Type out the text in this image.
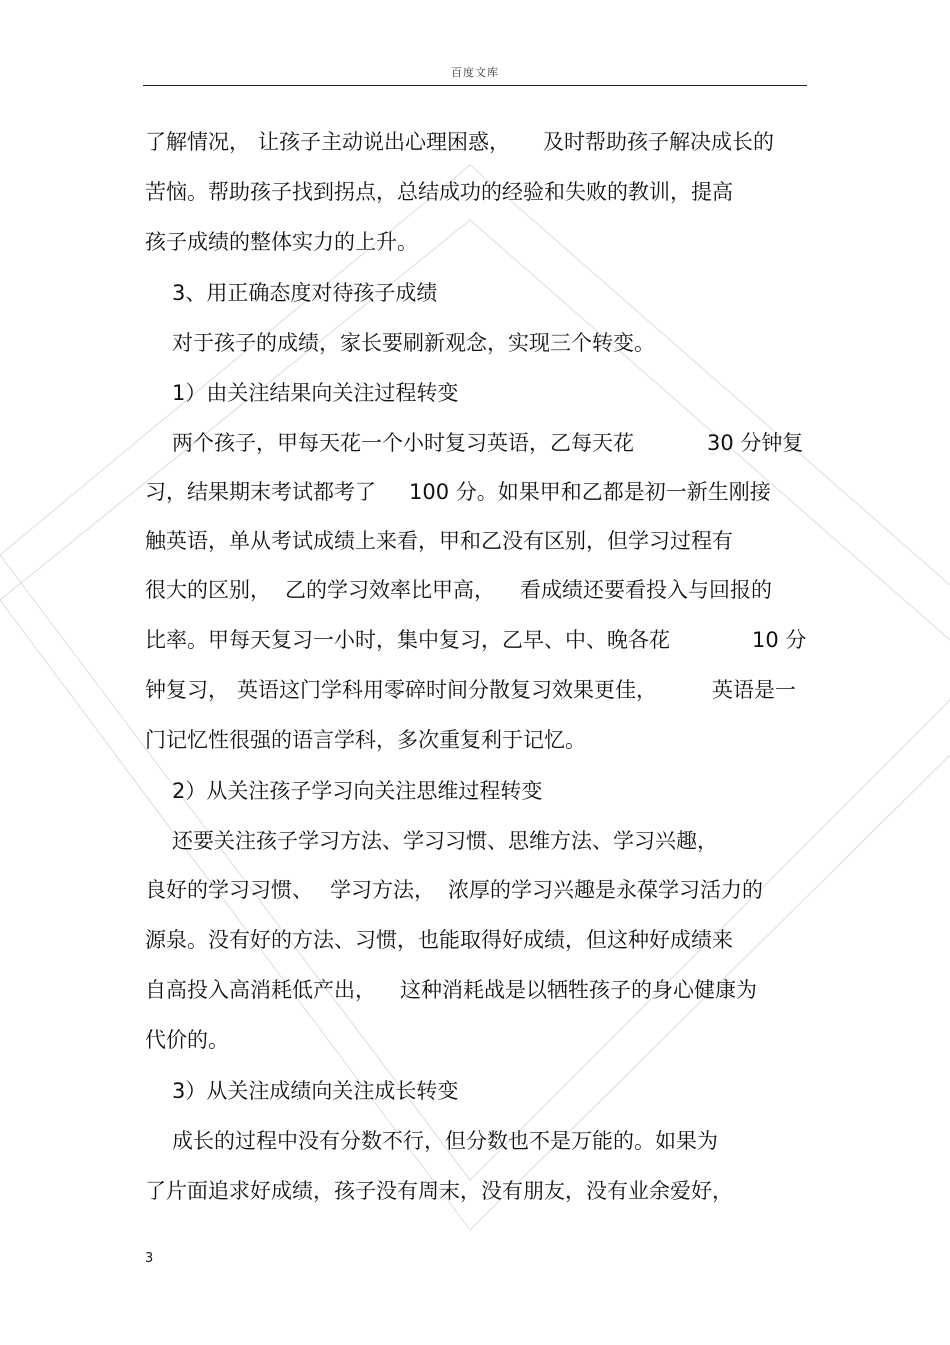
百度文库
了解情况， 让孩子主动说出心理困惑， 及时帮助孩子解决成长的
苦恼。帮助孩子找到拐点，总结成功的经验和失败的教训，提高
孩子成绩的整体实力的上升。
3、用正确态度对待孩子成绩
对于孩子的成绩，家长要刷新观念，实现三个转变。
1）由关注结果向关注过程转变
两个孩子，甲每天花一个小时复习英语，乙每天花	30 分钟复
习，结果期末考试都考了 100 分。如果甲和乙都是初一新生刚接
触英语，单从考试成绩上来看，甲和乙没有区别，但学习过程有
很大的区别， 乙的学习效率比甲高， 看成绩还要看投入与回报的
比率。甲每天复习一小时，集中复习，乙早、中、晚各花	10 分
钟复习， 英语这门学科用零碎时间分散复习效果更佳，	英语是一
门记忆性很强的语言学科，多次重复利于记忆。
2）从关注孩子学习向关注思维过程转变
还要关注孩子学习方法、学习习惯、思维方法、学习兴趣，
良好的学习习惯、 学习方法， 浓厚的学习兴趣是永葆学习活力的
源泉。没有好的方法、习惯，也能取得好成绩，但这种好成绩来
自高投入高消耗低产出， 这种消耗战是以牺牲孩子的身心健康为
代价的。
3）从关注成绩向关注成长转变
成长的过程中没有分数不行，但分数也不是万能的。如果为
了片面追求好成绩，孩子没有周末，没有朋友，没有业余爱好，
3
